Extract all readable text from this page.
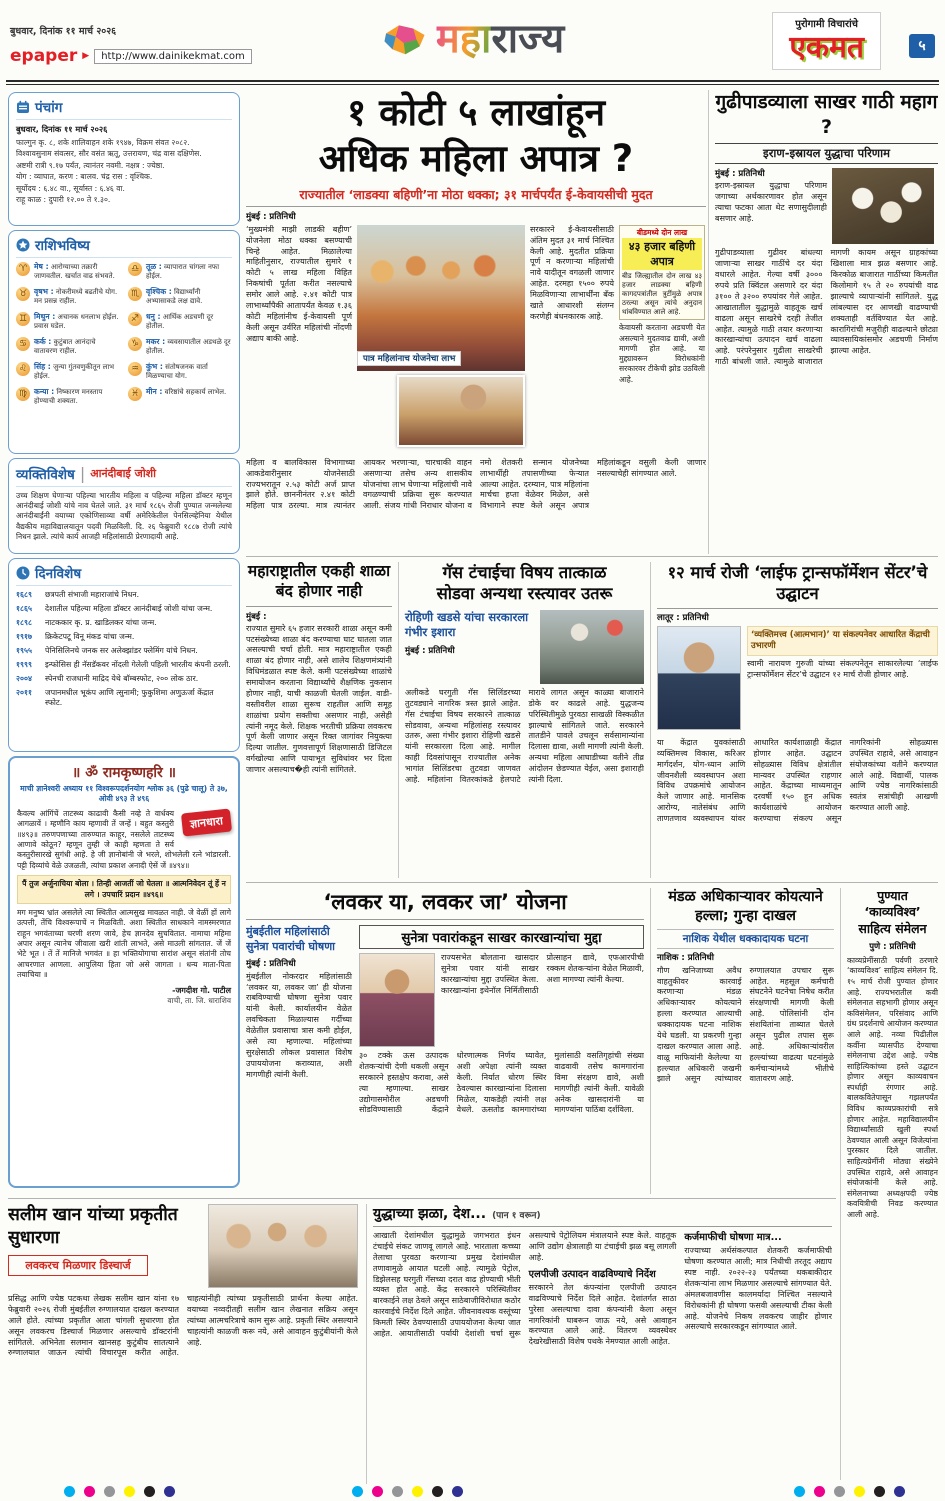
बुधवार, दिनांक ११ मार्च २०२६
epaper ▶	http://www.dainikekmat.com	महाराज्य	पुरोगामी विचारांचे
एकमत	५
पंचांग
बुधवार, दिनांक ११ मार्च २०२६
फाल्गुन कृ. ८, शके शालिवाहन शके १९४७, विक्रम संवत २०८२.
विश्वावसुनाम संवत्सर, सौर वसंत ऋतू, उत्तरायण, चंद्र वास दक्षिणेस.
अष्टमी रात्री ९.१७ पर्यंत, त्यानंतर नवमी. नक्षत्र : ज्येष्ठा.
योग : व्याघात, करण : बालव. चंद्र रास : वृश्चिक.
सूर्योदय : ६.४८ वा., सूर्यास्त : ६.४६ वा.
राहू काळ : दुपारी १२.०० ते १.३०.
राशिभविष्य
♈ मेष : आरोग्याच्या तक्रारी जाणवतील. खर्चात वाढ संभवते.
♉ वृषभ : नोकरीमध्ये बढतीचे योग. मन प्रसन्न राहील.
♊ मिथुन : अचानक धनलाभ होईल. प्रवास घडेल.
♋ कर्क : कुटुंबात आनंदाचे वातावरण राहील.
♌ सिंह : जुन्या गुंतवणुकीतून लाभ होईल.
♍ कन्या : निष्कारण मनस्ताप होण्याची शक्यता.
♎ तूळ : व्यापारात चांगला नफा होईल.
♏ वृश्चिक : विद्यार्थ्यांनी अभ्यासाकडे लक्ष द्यावे.
♐ धनु : आर्थिक अडचणी दूर होतील.
♑ मकर : व्यवसायातील अडथळे दूर होतील.
♒ कुंभ : संतोषजनक वार्ता मिळण्याचा योग.
♓ मीन : वरिष्ठांचे सहकार्य लाभेल.
व्यक्तिविशेष | आनंदीबाई जोशी
उच्च शिक्षण घेणाऱ्या पहिल्या भारतीय महिला व पहिल्या महिला डॉक्टर म्हणून आनंदीबाई जोशी यांचे नाव घेतले जाते. ३१ मार्च १८६५ रोजी पुण्यात जन्मलेल्या आनंदीबाईंनी वयाच्या एकोणिसाव्या वर्षी अमेरिकेतील पेनसिल्व्हेनिया येथील वैद्यकीय महाविद्यालयातून पदवी मिळविली. दि. २६ फेब्रुवारी १८८७ रोजी त्यांचे निधन झाले. त्यांचे कार्य आजही महिलांसाठी प्रेरणादायी आहे.
दिनविशेष
१६८९	छत्रपती संभाजी महाराजांचे निधन.
१८६५	देशातील पहिल्या महिला डॉक्टर आनंदीबाई जोशी यांचा जन्म.
१८९८	नाटककार कृ. प्र. खाडिलकर यांचा जन्म.
१९१७	क्रिकेटपटू विनू मंकड यांचा जन्म.
१९५५	पेनिसिलिनचे जनक सर अलेक्झांडर फ्लेमिंग यांचे निधन.
१९९९	इन्फोसिस ही नॅसडॅकवर नोंदली गेलेली पहिली भारतीय कंपनी ठरली.
२००४	स्पेनची राजधानी माद्रिद येथे बॉम्बस्फोट, २०० लोक ठार.
२०११	जपानमधील भूकंप आणि त्सुनामी; फुकुशिमा अणुऊर्जा केंद्रात स्फोट.
॥ ॐ रामकृष्णहरि ॥
माची ज्ञानेश्वरी अध्याय ११ विश्वरूपदर्शनयोग श्लोक ३६ (पुढे चालू) ते ३७, ओवी ४९३ ते ४९६
ज्ञानधारा
कैवल्य आंगिंचें ताटस्थ्य काढावी कैसी नव्हे ते वार्धक्य आगळावें । म्हणौनि काय म्हणावी तें जन्हें । बहुत कस्तुरी ॥४९३॥ तरुणपणाच्या तारुण्यात काहूर, नसलेले ताटस्थ्य आणावे कोठून? म्हणून तुम्ही जे काही म्हणता ते सर्व कस्तुरीसारखे सुगंधी आहे. हे जी ज्ञानोबांनी जे भरले, शोभलेली रत्ने भांडारली. पट्टी दिव्यांचे वेळे उजळती, त्यांचा प्रकाश अनादी ऐसें जें ॥४९४॥
पैं तुज अर्जुनाचिया बोला । तिन्ही आजतीं जो घेतला ॥ आत्मनिवेदन तूं हें न लगे । उपचारिं प्रदान ॥४९६॥
मग मनुष्य भ्रांत असलेले त्या स्थितीत आत्मसुख मावळत नाही. जे वेळीं हों लागे उत्पत्ती, तेंचि विश्वरूपाचें न मिळविती. अशा स्थितीत साधकाने नामस्मरणात राहून भगवंताच्या चरणी शरण जावे, हेच ज्ञानदेव सुचवितात. नामाचा महिमा अपार असून त्यानेच जीवाला खरी शांती लाभते, असे माउली सांगतात. जें जें भेटे भूत । तें तें मानिजे भगवंत ॥ हा भक्तियोगाचा सारांश असून संतांनी तोच आचरणात आणला. आपुलिया हिता जो असे जागता । धन्य माता-पिता तयाचिया ॥
-जगदीश गो. पाटील
वाची, ता. जि. धाराशिव
१ कोटी ५ लाखांहून
अधिक महिला अपात्र ?
राज्यातील ‘लाडक्या बहिणी’ना मोठा धक्का; ३१ मार्चपर्यंत ई-केवायसीची मुदत
मुंबई : प्रतिनिधी
‘मुख्यमंत्री माझी लाडकी बहीण’ योजनेला मोठा धक्का बसण्याची चिन्हे आहेत. मिळालेल्या माहितीनुसार, राज्यातील सुमारे १ कोटी ५ लाख महिला विहित निकषांची पूर्तता करीत नसल्याचे समोर आले आहे. २.४१ कोटी पात्र लाभार्थ्यांपैकी आतापर्यंत केवळ १.३६ कोटी महिलांनीच ई-केवायसी पूर्ण केली असून उर्वरित महिलांची नोंदणी अद्याप बाकी आहे.
पात्र महिलांनाच योजनेचा लाभ
सरकारने ई-केवायसीसाठी अंतिम मुदत ३१ मार्च निश्चित केली आहे. मुदतीत प्रक्रिया पूर्ण न करणाऱ्या महिलांची नावे यादीतून वगळली जाणार आहेत. दरमहा १५०० रुपये मिळविणाऱ्या लाभार्थींना बँक खाते आधारशी संलग्न करणेही बंधनकारक आहे.
बीडमध्ये दोन लाख
४३ हजार बहिणी अपात्र
बीड जिल्ह्यातील दोन लाख ४३ हजार लाडक्या बहिणी कागदपत्रांतील त्रुटींमुळे अपात्र ठरल्या असून त्यांचे अनुदान थांबविण्यात आले आहे.
केवायसी करताना अडचणी येत असल्याने मुदतवाढ द्यावी, अशी मागणी होत आहे. या मुद्द्यावरून विरोधकांनी सरकारवर टीकेची झोड उठविली आहे.
महिला व बालविकास विभागाच्या आकडेवारीनुसार योजनेसाठी राज्यभरातून २.५३ कोटी अर्ज प्राप्त झाले होते. छाननीनंतर २.४१ कोटी महिला पात्र ठरल्या. मात्र त्यानंतर आयकर भरणाऱ्या, चारचाकी वाहन असणाऱ्या तसेच अन्य शासकीय योजनांचा लाभ घेणाऱ्या महिलांची नावे वगळण्याची प्रक्रिया सुरू करण्यात आली. संजय गांधी निराधार योजना व नमो शेतकरी सन्मान योजनेच्या लाभार्थीही तपासणीच्या फेऱ्यात आल्या आहेत. दरम्यान, पात्र महिलांना मार्चचा हप्ता वेळेवर मिळेल, असे विभागाने स्पष्ट केले असून अपात्र महिलांकडून वसुली केली जाणार नसल्याचेही सांगण्यात आले.
गुढीपाडव्याला साखर गाठी महाग ?
इराण-इस्रायल युद्धाचा परिणाम
मुंबई : प्रतिनिधी
इराण-इस्रायल युद्धाचा परिणाम जगाच्या अर्थकारणावर होत असून त्याचा फटका आता थेट सणासुदीलाही बसणार आहे.
गुढीपाडव्याला गुढीवर बांधल्या जाणाऱ्या साखर गाठींचे दर यंदा वधारले आहेत. गेल्या वर्षी ३००० रुपये प्रति क्विंटल असणारे दर यंदा ३१०० ते ३२०० रुपयांवर गेले आहेत. आखातातील युद्धामुळे वाहतूक खर्च वाढला असून साखरेचे दरही तेजीत आहेत. त्यामुळे गाठी तयार करणाऱ्या कारखान्यांचा उत्पादन खर्च वाढला आहे. परंपरेनुसार गुढीला साखरेची गाठी बांधली जाते. त्यामुळे बाजारात मागणी कायम असून ग्राहकांच्या खिशाला मात्र झळ बसणार आहे. किरकोळ बाजारात गाठींच्या किमतीत किलोमागे १५ ते २० रुपयांची वाढ झाल्याचे व्यापाऱ्यांनी सांगितले. युद्ध लांबल्यास दर आणखी वाढण्याची शक्यताही वर्तविण्यात येत आहे. कारागिरांची मजुरीही वाढल्याने छोट्या व्यावसायिकांसमोर अडचणी निर्माण झाल्या आहेत.
महाराष्ट्रातील एकही शाळा बंद होणार नाही
मुंबई :
राज्यात सुमारे ६५ हजार सरकारी शाळा असून कमी पटसंख्येच्या शाळा बंद करण्याचा घाट घातला जात असल्याची चर्चा होती. मात्र महाराष्ट्रातील एकही शाळा बंद होणार नाही, असे शालेय शिक्षणमंत्र्यांनी विधिमंडळात स्पष्ट केले. कमी पटसंख्येच्या शाळांचे समायोजन करताना विद्यार्थ्यांचे शैक्षणिक नुकसान होणार नाही, याची काळजी घेतली जाईल. वाडी-वस्तीवरील शाळा सुरूच राहतील आणि समूह शाळांचा प्रयोग सक्तीचा असणार नाही, असेही त्यांनी नमूद केले. शिक्षक भरतीची प्रक्रिया लवकरच पूर्ण केली जाणार असून रिक्त जागांवर नियुक्त्या दिल्या जातील. गुणवत्तापूर्ण शिक्षणासाठी डिजिटल वर्गखोल्या आणि पायाभूत सुविधांवर भर दिला जाणार असल्याच�ही त्यांनी सांगितले.
गॅस टंचाईचा विषय तात्काळ
सोडवा अन्यथा रस्त्यावर उतरू
रोहिणी खडसे यांचा सरकारला गंभीर इशारा
मुंबई : प्रतिनिधी
अलीकडे घरगुती गॅस सिलिंडरच्या तुटवड्याने नागरिक त्रस्त झाले आहेत. गॅस टंचाईचा विषय सरकारने तात्काळ सोडवावा, अन्यथा महिलांसह रस्त्यावर उतरू, असा गंभीर इशारा रोहिणी खडसे यांनी सरकारला दिला आहे. मागील काही दिवसांपासून राज्यातील अनेक भागांत सिलिंडरचा तुटवडा जाणवत आहे. महिलांना वितरकांकडे हेलपाटे मारावे लागत असून काळ्या बाजाराने डोके वर काढले आहे. युद्धजन्य परिस्थितीमुळे पुरवठा साखळी विस्कळीत झाल्याचे सांगितले जाते. सरकारने तातडीने पावले उचलून सर्वसामान्यांना दिलासा द्यावा, अशी मागणी त्यांनी केली. अन्यथा महिला आघाडीच्या वतीने तीव्र आंदोलन छेडण्यात येईल, असा इशाराही त्यांनी दिला.
१२ मार्च रोजी ‘लाईफ ट्रान्सफॉर्मेशन सेंटर’चे उद्घाटन
लातूर : प्रतिनिधी
‘व्यक्तिमत्त्व (आत्मभान)’ या संकल्पनेवर आधारित केंद्राची उभारणी
स्वामी नारायण गुरुजी यांच्या संकल्पनेतून साकारलेल्या ‘लाईफ ट्रान्सफॉर्मेशन सेंटर’चे उद्घाटन १२ मार्च रोजी होणार आहे.
या केंद्रात युवकांसाठी व्यक्तिमत्त्व विकास, करिअर मार्गदर्शन, योग-ध्यान आणि जीवनशैली व्यवस्थापन अशा विविध उपक्रमांचे आयोजन केले जाणार आहे. मानसिक आरोग्य, नातेसंबंध आणि ताणतणाव व्यवस्थापन यांवर आधारित कार्यशाळाही केंद्रात होणार आहेत. उद्घाटन सोहळ्यास विविध क्षेत्रांतील मान्यवर उपस्थित राहणार आहेत. केंद्राच्या माध्यमातून दरवर्षी १५० हून अधिक कार्यशाळांचे आयोजन करण्याचा संकल्प असून नागरिकांनी सोहळ्यास उपस्थित राहावे, असे आवाहन संयोजकांच्या वतीने करण्यात आले आहे. विद्यार्थी, पालक आणि ज्येष्ठ नागरिकांसाठी स्वतंत्र सत्रांचीही आखणी करण्यात आली आहे.
‘लवकर या, लवकर जा’ योजना
मुंबईतील महिलांसाठी सुनेत्रा पवारांची घोषणा
मुंबई : प्रतिनिधी
मुंबईतील नोकरदार महिलांसाठी ‘लवकर या, लवकर जा’ ही योजना राबविण्याची घोषणा सुनेत्रा पवार यांनी केली. कार्यालयीन वेळेत लवचिकता मिळाल्यास गर्दीच्या वेळेतील प्रवासाचा त्रास कमी होईल, असे त्या म्हणाल्या. महिलांच्या सुरक्षेसाठी लोकल प्रवासात विशेष उपाययोजना कराव्यात, अशी मागणीही त्यांनी केली.
सुनेत्रा पवारांकडून साखर कारखान्यांचा मुद्दा
राज्यसभेत बोलताना खासदार सुनेत्रा पवार यांनी साखर कारखान्यांचा मुद्दा उपस्थित केला. कारखान्यांना इथेनॉल निर्मितीसाठी प्रोत्साहन द्यावे, एफआरपीची रक्कम शेतकऱ्यांना वेळेत मिळावी, अशा मागण्या त्यांनी केल्या.
३० टक्के ऊस उत्पादक शेतकऱ्यांची देणी थकली असून सरकारने हस्तक्षेप करावा, असे त्या म्हणाल्या. साखर उद्योगासमोरील अडचणी सोडविण्यासाठी केंद्राने धोरणात्मक निर्णय घ्यावेत, अशी अपेक्षा त्यांनी व्यक्त केली. निर्यात धोरण स्थिर ठेवल्यास कारखान्यांना दिलासा मिळेल, याकडेही त्यांनी लक्ष वेधले. ऊसतोड कामगारांच्या मुलांसाठी वसतिगृहांची संख्या वाढवावी तसेच कामगारांना विमा संरक्षण द्यावे, अशी मागणीही त्यांनी केली. यावेळी अनेक खासदारांनी या मागण्यांना पाठिंबा दर्शविला.
मंडळ अधिकाऱ्यावर कोयत्याने हल्ला; गुन्हा दाखल
नाशिक येथील धक्कादायक घटना
नाशिक : प्रतिनिधी
गौण खनिजाच्या अवैध वाहतुकीवर कारवाई करणाऱ्या मंडळ अधिकाऱ्यावर कोयत्याने हल्ला करण्यात आल्याची धक्कादायक घटना नाशिक येथे घडली. या प्रकरणी गुन्हा दाखल करण्यात आला आहे. वाळू माफियांनी केलेल्या या हल्ल्यात अधिकारी जखमी झाले असून त्यांच्यावर रुग्णालयात उपचार सुरू आहेत. महसूल कर्मचारी संघटनेने घटनेचा निषेध करीत संरक्षणाची मागणी केली आहे. पोलिसांनी दोन संशयितांना ताब्यात घेतले असून पुढील तपास सुरू आहे. अधिकाऱ्यांवरील हल्ल्यांच्या वाढत्या घटनांमुळे कर्मचाऱ्यांमध्ये भीतीचे वातावरण आहे.
पुण्यात ‘काव्यविश्व’ साहित्य संमेलन
पुणे : प्रतिनिधी
काव्यप्रेमींसाठी पर्वणी ठरणारे ‘काव्यविश्व’ साहित्य संमेलन दि. १५ मार्च रोजी पुण्यात होणार आहे. राज्यभरातील कवी संमेलनात सहभागी होणार असून कविसंमेलन, परिसंवाद आणि ग्रंथ प्रदर्शनाचे आयोजन करण्यात आले आहे. नव्या पिढीतील कवींना व्यासपीठ देण्याचा संमेलनाचा उद्देश आहे. ज्येष्ठ साहित्यिकांच्या हस्ते उद्घाटन होणार असून काव्यवाचन स्पर्धाही रंगणार आहे. बालकवितेपासून गझलपर्यंत विविध काव्यप्रकारांची सत्रे होणार आहेत. महाविद्यालयीन विद्यार्थ्यांसाठी खुली स्पर्धा ठेवण्यात आली असून विजेत्यांना पुरस्कार दिले जातील. साहित्यप्रेमींनी मोठ्या संख्येने उपस्थित राहावे, असे आवाहन संयोजकांनी केले आहे. संमेलनाच्या अध्यक्षपदी ज्येष्ठ कवयित्रीची निवड करण्यात आली आहे.
सलीम खान यांच्या प्रकृतीत सुधारणा
लवकरच मिळणार डिस्चार्ज
प्रसिद्ध आणि ज्येष्ठ पटकथा लेखक सलीम खान यांना १७ फेब्रुवारी २०२६ रोजी मुंबईतील रुग्णालयात दाखल करण्यात आले होते. त्यांच्या प्रकृतीत आता चांगली सुधारणा होत असून लवकरच डिस्चार्ज मिळणार असल्याचे डॉक्टरांनी सांगितले. अभिनेता सलमान खानसह कुटुंबीय सातत्याने रुग्णालयात जाऊन त्यांची विचारपूस करीत आहेत. चाहत्यांनीही त्यांच्या प्रकृतीसाठी प्रार्थना केल्या आहेत. वयाच्या नव्वदीतही सलीम खान लेखनात सक्रिय असून त्यांच्या आत्मचरित्राचे काम सुरू आहे. प्रकृती स्थिर असल्याने चाहत्यांनी काळजी करू नये, असे आवाहन कुटुंबीयांनी केले आहे.
युद्धाच्या झळा, देश... (पान १ वरून)

आखाती देशांमधील युद्धामुळे जगभरात इंधन टंचाईचे संकट जाणवू लागले आहे. भारताला कच्च्या तेलाचा पुरवठा करणाऱ्या प्रमुख देशांमधील तणावामुळे आयात घटली आहे. त्यामुळे पेट्रोल, डिझेलसह घरगुती गॅसच्या दरात वाढ होण्याची भीती व्यक्त होत आहे. केंद्र सरकारने परिस्थितीवर बारकाईने लक्ष ठेवले असून साठेबाजीविरोधात कठोर कारवाईचे निर्देश दिले आहेत. जीवनावश्यक वस्तूंच्या किमती स्थिर ठेवण्यासाठी उपाययोजना केल्या जात आहेत. आयातीसाठी पर्यायी देशांशी चर्चा सुरू असल्याचे पेट्रोलियम मंत्रालयाने स्पष्ट केले. वाहतूक आणि उद्योग क्षेत्रालाही या टंचाईची झळ बसू लागली आहे.

एलपीजी उत्पादन वाढविण्याचे निर्देश

सरकारने तेल कंपन्यांना एलपीजी उत्पादन वाढविण्याचे निर्देश दिले आहेत. देशांतर्गत साठा पुरेसा असल्याचा दावा कंपन्यांनी केला असून नागरिकांनी घाबरून जाऊ नये, असे आवाहन करण्यात आले आहे. वितरण व्यवस्थेवर देखरेखीसाठी विशेष पथके नेमण्यात आली आहेत.

कर्जमाफीची घोषणा मात्र...

राज्याच्या अर्थसंकल्पात शेतकरी कर्जमाफीची घोषणा करण्यात आली; मात्र निधीची तरतूद अद्याप स्पष्ट नाही. २०२२-२३ पर्यंतच्या थकबाकीदार शेतकऱ्यांना लाभ मिळणार असल्याचे सांगण्यात येते. अंमलबजावणीस कालमर्यादा निश्चित नसल्याने विरोधकांनी ही घोषणा फसवी असल्याची टीका केली आहे. योजनेचे निकष लवकरच जाहीर होणार असल्याचे सरकारकडून सांगण्यात आले.
